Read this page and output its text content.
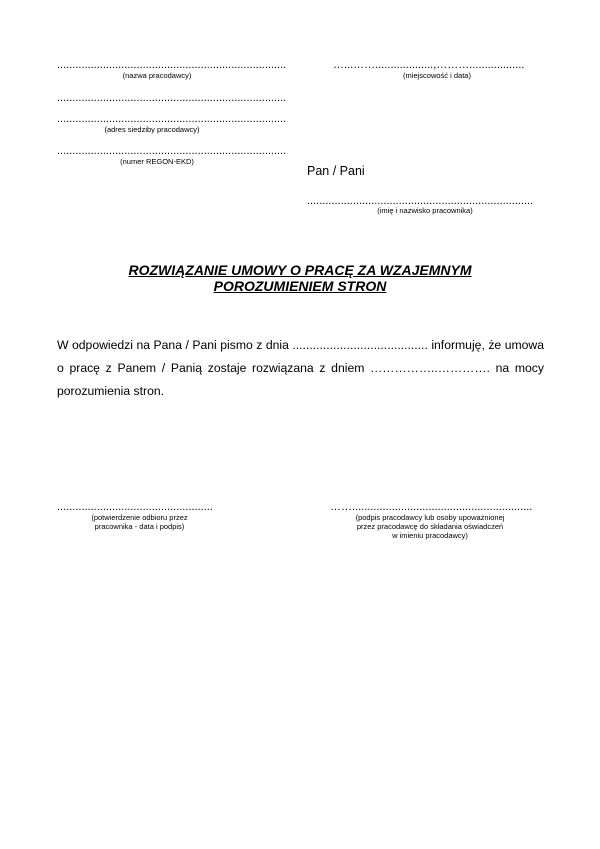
...........................................................................
(nazwa pracodawcy)
...........................................................................
...........................................................................
(adres siedziby pracodawcy)
...........................................................................
(numer REGON-EKD)
…...……...................,………..................
(miejscowość i data)
Pan / Pani
..........................................................................
(imię i nazwisko pracownika)
ROZWIĄZANIE UMOWY O PRACĘ ZA WZAJEMNYM
POROZUMIENIEM STRON
W odpowiedzi na Pana / Pani pismo z dnia ........................................ informuję, że umowa
o pracę z Panem / Panią zostaje rozwiązana z dniem ……………..…………. na mocy
porozumienia stron.
...................................................
(potwierdzenie odbioru przez
pracownika - data i podpis)
……...........................................................
(podpis pracodawcy lub osoby upoważnionej
przez pracodawcę do składania oświadczeń
w imieniu pracodawcy)
